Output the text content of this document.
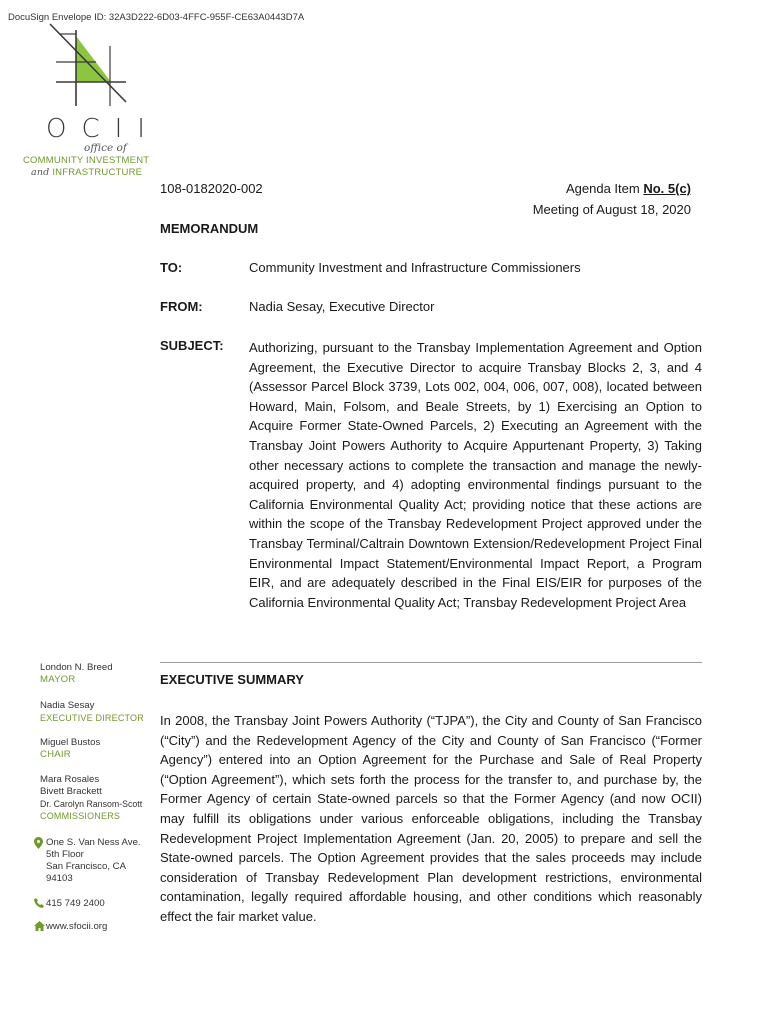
DocuSign Envelope ID: 32A3D222-6D03-4FFC-955F-CE63A0443D7A
OCII
office of
COMMUNITY INVESTMENT
and INFRASTRUCTURE
108-0182020-002	Agenda Item No. 5(c)
Meeting of August 18, 2020
MEMORANDUM
TO:	Community Investment and Infrastructure Commissioners
FROM:	Nadia Sesay, Executive Director
SUBJECT: Authorizing, pursuant to the Transbay Implementation Agreement and Option Agreement, the Executive Director to acquire Transbay Blocks 2, 3, and 4 (Assessor Parcel Block 3739, Lots 002, 004, 006, 007, 008), located between Howard, Main, Folsom, and Beale Streets, by 1) Exercising an Option to Acquire Former State-Owned Parcels, 2) Executing an Agreement with the Transbay Joint Powers Authority to Acquire Appurtenant Property, 3) Taking other necessary actions to complete the transaction and manage the newly-acquired property, and 4) adopting environmental findings pursuant to the California Environmental Quality Act; providing notice that these actions are within the scope of the Transbay Redevelopment Project approved under the Transbay Terminal/Caltrain Downtown Extension/Redevelopment Project Final Environmental Impact Statement/Environmental Impact Report, a Program EIR, and are adequately described in the Final EIS/EIR for purposes of the California Environmental Quality Act; Transbay Redevelopment Project Area
EXECUTIVE SUMMARY
In 2008, the Transbay Joint Powers Authority (“TJPA”), the City and County of San Francisco (“City”) and the Redevelopment Agency of the City and County of San Francisco (“Former Agency”) entered into an Option Agreement for the Purchase and Sale of Real Property (“Option Agreement”), which sets forth the process for the transfer to, and purchase by, the Former Agency of certain State-owned parcels so that the Former Agency (and now OCII) may fulfill its obligations under various enforceable obligations, including the Transbay Redevelopment Project Implementation Agreement (Jan. 20, 2005) to prepare and sell the State-owned parcels. The Option Agreement provides that the sales proceeds may include consideration of Transbay Redevelopment Plan development restrictions, environmental contamination, legally required affordable housing, and other conditions which reasonably effect the fair market value.
London N. Breed
MAYOR
Nadia Sesay
EXECUTIVE DIRECTOR
Miguel Bustos
CHAIR
Mara Rosales
Bivett Brackett
Dr. Carolyn Ransom-Scott
COMMISSIONERS
One S. Van Ness Ave.
5th Floor
San Francisco, CA
94103
415 749 2400
www.sfocii.org
